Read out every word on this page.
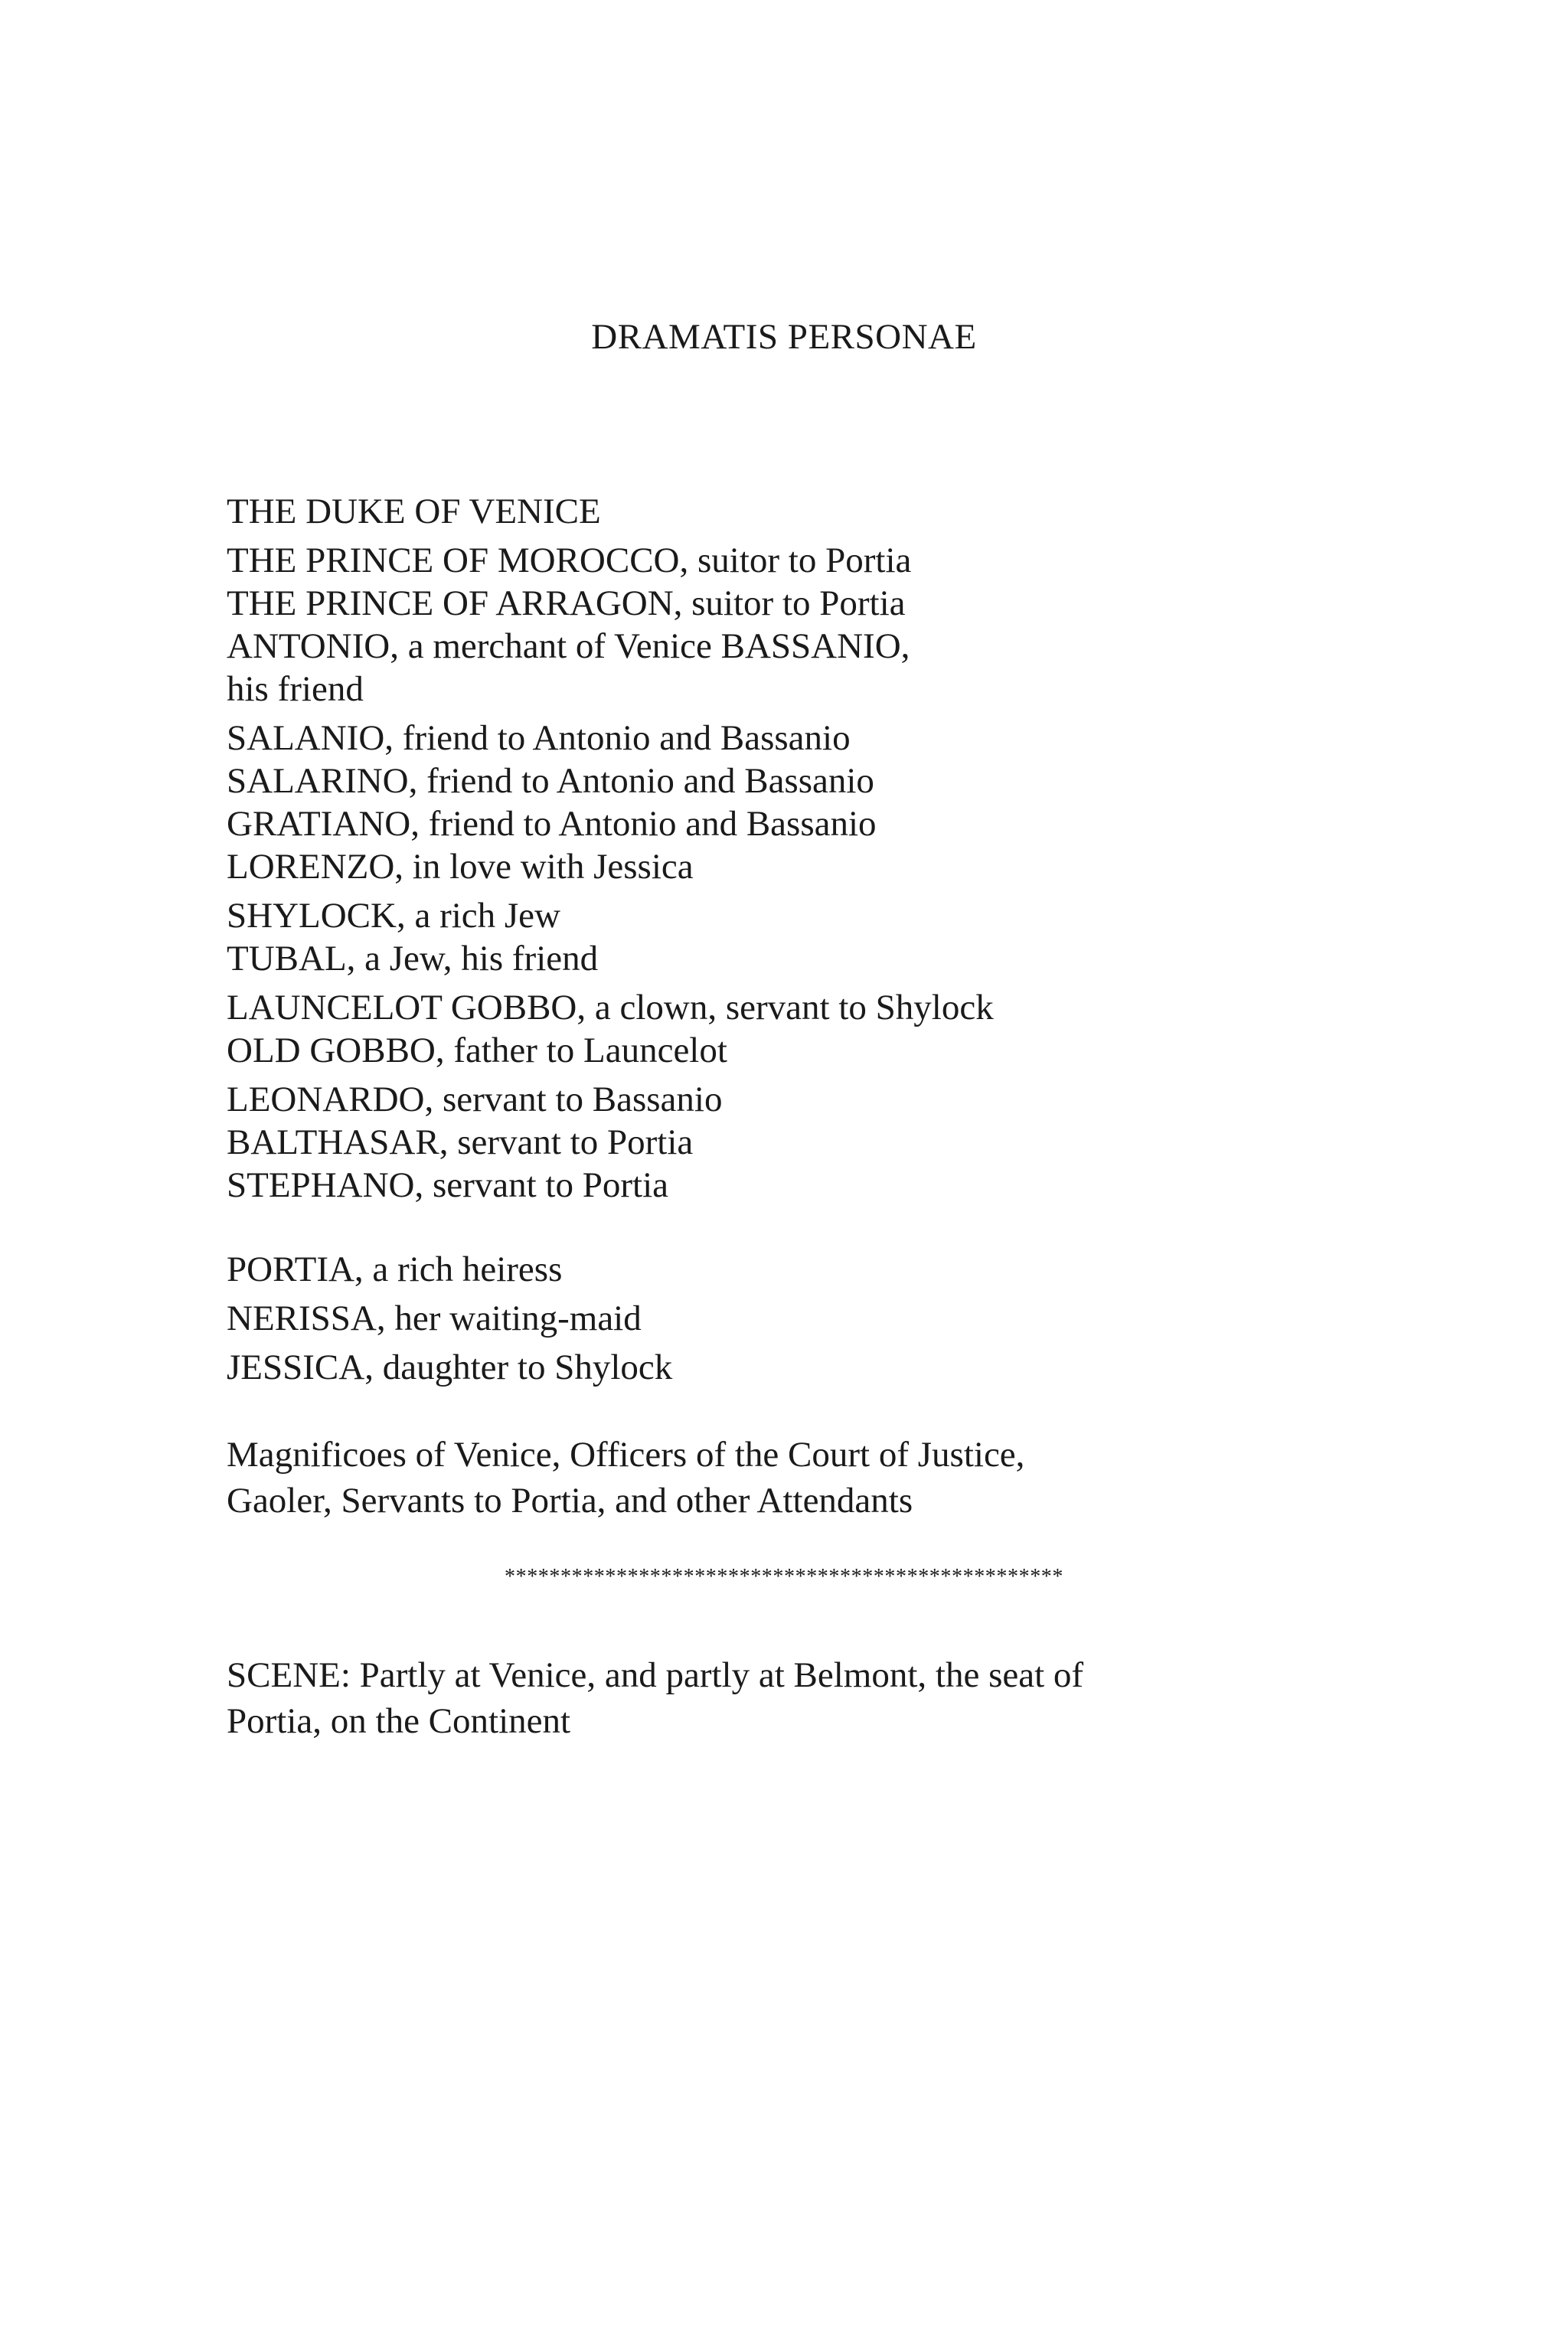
DRAMATIS PERSONAE
THE DUKE OF VENICE
THE PRINCE OF MOROCCO, suitor to Portia
THE PRINCE OF ARRAGON, suitor to Portia
ANTONIO, a merchant of Venice BASSANIO,
his friend
SALANIO, friend to Antonio and Bassanio
SALARINO, friend to Antonio and Bassanio
GRATIANO, friend to Antonio and Bassanio
LORENZO, in love with Jessica
SHYLOCK, a rich Jew
TUBAL, a Jew, his friend
LAUNCELOT GOBBO, a clown, servant to Shylock
OLD GOBBO, father to Launcelot
LEONARDO, servant to Bassanio
BALTHASAR, servant to Portia
STEPHANO, servant to Portia
PORTIA, a rich heiress
NERISSA, her waiting-maid
JESSICA, daughter to Shylock
Magnificoes of Venice, Officers of the Court of Justice,
Gaoler, Servants to Portia, and other Attendants
**************************************************
SCENE: Partly at Venice, and partly at Belmont, the seat of
Portia, on the Continent
